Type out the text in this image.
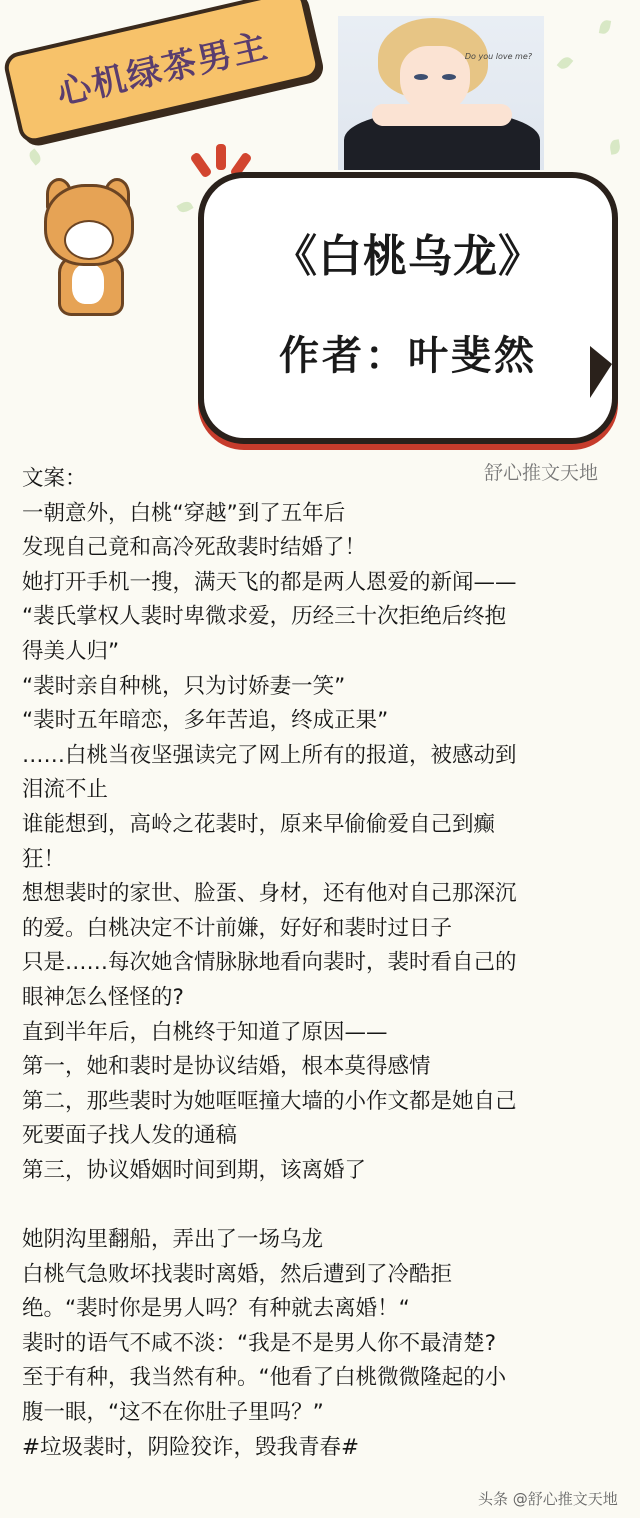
心机绿茶男主	Do you love me?
《白桃乌龙》
作者：叶斐然
舒心推文天地
文案：
一朝意外，白桃“穿越”到了五年后
发现自己竟和高冷死敌裴时结婚了！
她打开手机一搜，满天飞的都是两人恩爱的新闻——
“裴氏掌权人裴时卑微求爱，历经三十次拒绝后终抱
得美人归”
“裴时亲自种桃，只为讨娇妻一笑”
“裴时五年暗恋，多年苦追，终成正果”
……白桃当夜坚强读完了网上所有的报道，被感动到
泪流不止
谁能想到，高岭之花裴时，原来早偷偷爱自己到癫
狂！
想想裴时的家世、脸蛋、身材，还有他对自己那深沉
的爱。白桃决定不计前嫌，好好和裴时过日子
只是……每次她含情脉脉地看向裴时，裴时看自己的
眼神怎么怪怪的?
直到半年后，白桃终于知道了原因——
第一，她和裴时是协议结婚，根本莫得感情
第二，那些裴时为她哐哐撞大墙的小作文都是她自己
死要面子找人发的通稿
第三，协议婚姻时间到期，该离婚了
她阴沟里翻船，弄出了一场乌龙
白桃气急败坏找裴时离婚，然后遭到了冷酷拒
绝。“裴时你是男人吗？有种就去离婚！“
裴时的语气不咸不淡：“我是不是男人你不最清楚?
至于有种，我当然有种。“他看了白桃微微隆起的小
腹一眼，“这不在你肚子里吗？”
#垃圾裴时，阴险狡诈，毁我青春#
头条 @舒心推文天地
